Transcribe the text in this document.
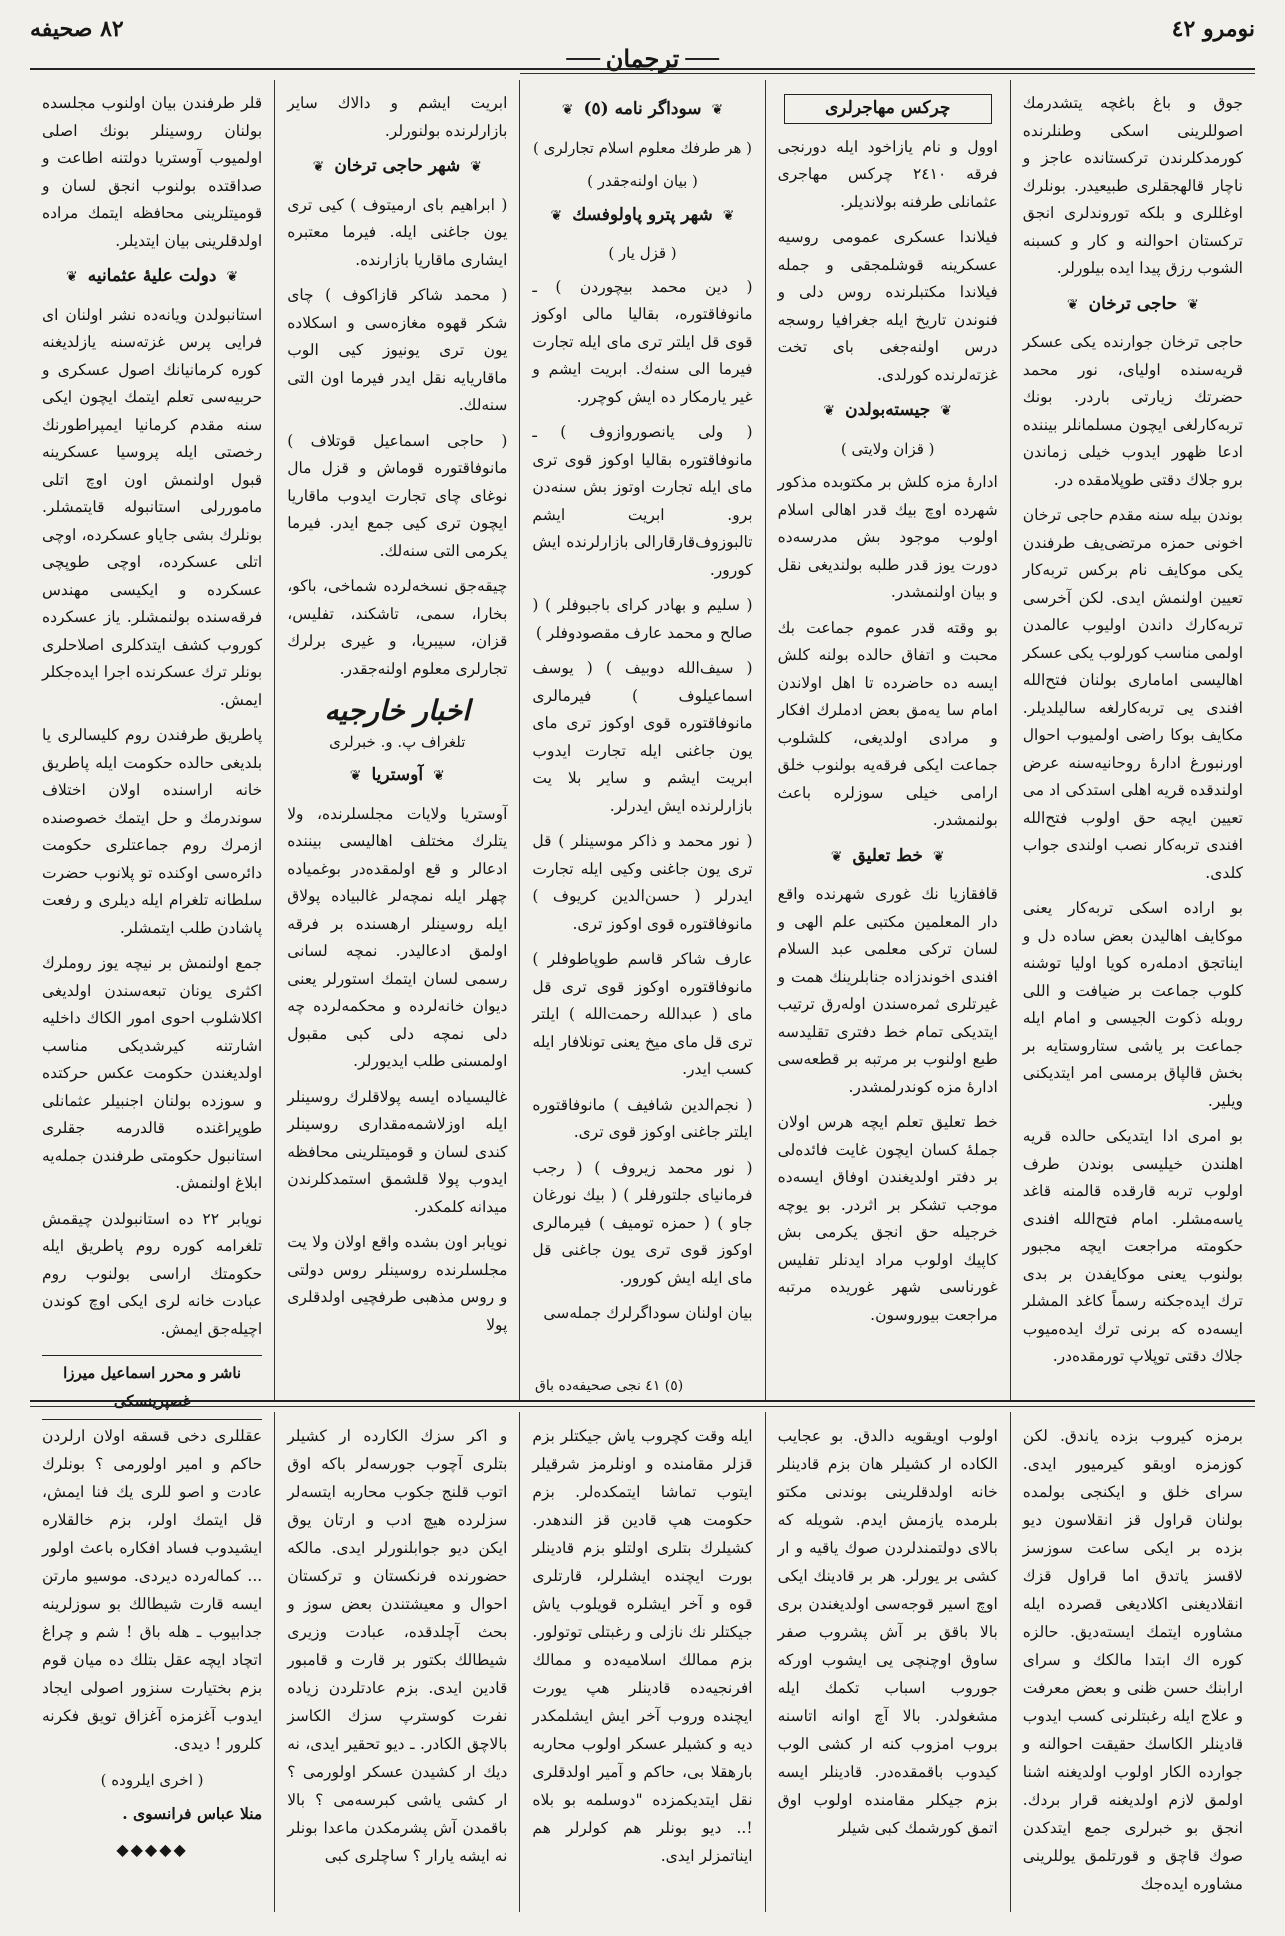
نومرو ٤٢
ترجمان
٨٢ صحيفه

جوق و باغ باغچه يتشدرمك اصوللرينى اسكى وطنلرنده كورمدكلرندن تركستانده عاجز و ناچار قالهجقلرى طبيعيدر. بونلرك اوغللرى و بلكه توروندلرى انجق تركستان احوالنه و كار و كسبنه الشوب رزق پيدا ايده بيلورلر.

❦ حاجى ترخان ❦

حاجى ترخان جوارنده يكى عسكر قريه‌سنده اولياى، نور محمد حضرتك زيارتى باردر. بونك تربه‌كارلغى ايچون مسلمانلر بيننده ادعا ظهور ايدوب خيلى زماندن برو جلاك دقتى طوپلامقده در.

بوندن بيله سنه مقدم حاجى ترخان اخونى حمزه مرتضى‌يف طرفندن يكى موكايف نام بركس تربه‌كار تعيين اولنمش ايدى. لكن آخرسى تربه‌كارك داندن اوليوب عالمدن اولمى مناسب كورلوب يكى عسكر اهاليسى امامارى بولنان فتح‌الله افندى يى تربه‌كارلغه ساليلديلر. مكايف بوكا راضى اولميوب احوال اورنبورغ ادارهٔ روحانيه‌سنه عرض اولندقده قريه اهلى استدكى اد مى تعيين ايچه حق اولوب فتح‌الله افندى تربه‌كار نصب اولندى جواب كلدى.

بو اراده اسكى تربه‌كار يعنى موكايف اهاليدن بعض ساده دل و ايناتجق ادمله‌ره كويا اوليا توشنه كلوب جماعت بر ضيافت و اللى روبله ذكوت الجيسى و امام ايله جماعت بر ياشى ستاروستايه بر بخش قالپاق برمسى امر ايتديكنى ويلير.

بو امرى ادا ايتديكى حالده قريه اهلندن خيليسى بوندن طرف اولوب تربه قارقده قالمنه قاغد ياسه‌مشلر. امام فتح‌الله افندى حكومته مراجعت ايچه مجبور بولنوب يعنى موكايفدن بر بدى ترك ايده‌جكنه رسماً كاغد المشلر ايسه‌ده كه برنى ترك ايده‌ميوب جلاك دقتى توپلاپ تورمقده‌در.

چركس مهاجرلرى

اوول و نام يازاخود ايله دورنجى فرقه ٢٤١٠ چركس مهاجرى عثمانلى طرفنه بولانديلر.

فيلاندا عسكرى عمومى روسيه عسكرينه قوشلمجقى و جمله فيلاندا مكتبلرنده روس دلى و فنوندن تاريخ ايله جغرافيا روسجه درس اولنه‌جغى باى تخت غزته‌لرنده كورلدى.

❦ جيسته‌بولدن ❦
( قزان ولايتى )

ادارهٔ مزه كلش بر مكتوبده مذكور شهرده اوچ بيك قدر اهالى اسلام اولوب موجود بش مدرسه‌ده دورت يوز قدر طلبه بولنديغى نقل و بيان اولنمشدر.

بو وقته قدر عموم جماعت بك محبت و اتفاق حالده بولنه كلش ايسه ده حاضرده تا اهل اولاندن امام سا يه‌مق بعض ادملرك افكار و مرادى اولديغى، كلشلوب جماعت ايكى فرقه‌يه بولنوب خلق ارامى خيلى سوزلره باعث بولنمشدر.

❦ خط تعليق ❦

قافقازيا نك غورى شهرنده واقع دار المعلمين مكتبى علم الهى و لسان تركى معلمى عبد السلام افندى اخوندزاده جنابلرينك همت و غيرتلرى ثمره‌سندن اوله‌رق ترتيب ايتديكى تمام خط دفترى تقليدسه طبع اولنوب بر مرتبه بر قطعه‌سى ادارهٔ مزه كوندرلمشدر.

خط تعليق تعلم ايچه هرس اولان جملهٔ كسان ايچون غايت فائده‌لى بر دفتر اولديغندن اوفاق ايسه‌ده موجب تشكر بر اثردر. بو يوچه خرجيله حق انجق يكرمى بش كاپيك اولوب مراد ايدنلر تفليس غورناسى شهر غوريده مرتبه مراجعت بيوروسون.

❦ سوداگر نامه (٥) ❦
( هر طرفك معلوم اسلام تجارلرى )
( بيان اولنه‌جقدر )
❦ شهر پترو پاولوفسك ❦
( قزل يار )

( دين محمد بيچوردن ) ـ مانوفاقتوره، بقاليا مالى اوكوز قوى قل ايلتر ترى ماى ايله تجارت فيرما الى سنه‌ك. ابريت ايشم و غير يارمكار ده ايش كوچرر.

( ولى يانصوروازوف ) ـ مانوفاقتوره بقاليا اوكوز قوى ترى ماى ايله تجارت اوتوز بش سنه‌دن برو. ابريت ايشم تالبوزوف‌قارقارالى بازارلرنده ايش كورور.

( سليم و بهادر كراى باجبوفلر ) ( صالح و محمد عارف مقصودوفلر )

( سيف‌الله دوبيف ) ( يوسف اسماعيلوف ) فيرمالرى مانوفاقتوره قوى اوكوز ترى ماى يون جاغنى ايله تجارت ايدوب ابريت ايشم و ساير بلا يت بازارلرنده ايش ايدرلر.

( نور محمد و ذاكر موسينلر ) قل ترى يون جاغنى وكيى ايله تجارت ايدرلر ( حسن‌الدين كريوف ) مانوفاقتوره قوى اوكوز ترى.

عارف شاكر قاسم طوپاطوفلر ) مانوفاقتوره اوكوز قوى ترى قل ماى ( عبدالله رحمت‌الله ) ايلتر ترى قل ماى ميخ يعنى تونلافار ايله كسب ايدر.

( نجم‌الدين شافيف ) مانوفاقتوره ايلتر جاغنى اوكوز قوى ترى.

( نور محمد زيروف ) ( رجب فرمانياى جلتورفلر ) ( بيك نورغان جاو ) ( حمزه توميف ) فيرمالرى اوكوز قوى ترى يون جاغنى قل ماى ايله ايش كورور.

بيان اولنان سوداگرلرك جمله‌سى

ابريت ايشم و دالاك ساير بازارلرنده بولنورلر.

❦ شهر حاجى ترخان ❦

( ابراهيم باى ارميتوف ) كيى ترى يون جاغنى ايله. فيرما معتبره ايشارى ماقاريا بازارنده.

( محمد شاكر قازاكوف ) چاى شكر قهوه مغازه‌سى و اسكلاده يون ترى يونيوز كيى الوب ماقاريايه نقل ايدر فيرما اون التى سنه‌لك.

( حاجى اسماعيل قوتلاف ) مانوفاقتوره قوماش و قزل مال نوغاى چاى تجارت ايدوب ماقاريا ايچون ترى كيى جمع ايدر. فيرما يكرمى التى سنه‌لك.

چيقه‌جق نسخه‌لرده شماخى، باكو، بخارا، سمى، تاشكند، تفليس، قزان، سيبريا، و غيرى برلرك تجارلرى معلوم اولنه‌جقدر.

اخبار خارجيه
تلغراف پ. و. خبرلرى
❦ آوستريا ❦

آوستريا ولايات مجلسلرنده، ولا يتلرك مختلف اهاليسى بيننده ادعالر و قع اولمقده‌در بوغمياده چهلر ايله نمچه‌لر غالبياده پولاق ايله روسينلر ارهسنده بر فرقه اولمق ادعاليدر. نمچه لسانى رسمى لسان ايتمك استورلر يعنى ديوان خانه‌لرده و محكمه‌لرده چه دلى نمچه دلى كبى مقبول اولمسنى طلب ايديورلر.

غاليسياده ايسه پولاقلرك روسينلر ايله اوزلاشمه‌مقدارى روسينلر كندى لسان و قوميتلرينى محافظه ايدوب پولا قلشمق استمدكلرندن ميدانه كلمكدر.

نويابر اون بشده واقع اولان ولا يت مجلسلرنده روسينلر روس دولتى و روس مذهبى طرفچيى اولدقلرى پولا

قلر طرفندن بيان اولنوب مجلسده بولنان روسينلر بونك اصلى اولميوب آوستريا دولتنه اطاعت و صداقتده بولنوب انجق لسان و قوميتلرينى محافظه ايتمك مراده اولدقلرينى بيان ايتديلر.

❦ دولت عليهٔ عثمانيه ❦

استانبولدن ويانه‌ده نشر اولنان اى فرايى پرس غزته‌سنه يازلديغنه كوره كرمانيانك اصول عسكرى و حربيه‌سى تعلم ايتمك ايچون ايكى سنه مقدم كرمانيا ايمپراطورنك رخصتى ايله پروسيا عسكرينه قبول اولنمش اون اوچ اتلى ماموررلى استانبوله قايتمشلر. بونلرك بشى جاياو عسكرده، اوچى اتلى عسكرده، اوچى طوپچى عسكرده و ايكيسى مهندس فرقه‌سنده بولنمشلر. ياز عسكرده كوروب كشف ايتدكلرى اصلاحلرى بونلر ترك عسكرنده اجرا ايده‌جكلر ايمش.

پاطريق طرفندن روم كليسالرى يا بلديغى حالده حكومت ايله پاطريق خانه اراسنده اولان اختلاف سوندرمك و حل ايتمك خصوصنده ازمرك روم جماعتلرى حكومت دائره‌سى اوكنده تو پلانوب حضرت سلطانه تلغرام ايله ديلرى و رفعت پاشادن طلب ايتمشلر.

جمع اولنمش بر نيچه يوز روملرك اكثرى يونان تبعه‌سندن اولديغى اكلاشلوب احوى امور الكاك داخليه اشارتنه كيرشديكى مناسب اولديغندن حكومت عكس حركتده و سوزده بولنان اجنبيلر عثمانلى طوپراغنده قالدرمه جقلرى استانبول حكومتى طرفندن جمله‌يه ابلاغ اولنمش.

نويابر ٢٢ ده استانبولدن چيقمش تلغرامه كوره روم پاطريق ايله حكومتك اراسى بولنوب روم عبادت خانه لرى ايكى اوچ كوندن اچيله‌جق ايمش.

ناشر و محرر اسماعيل ميرزا غصپرينسكى
(٥) ٤١ نجى صحيفه‌ده باق

برمزه كيروب بزده ياندق. لكن كوزمزه اوبقو كيرميور ايدى. سراى خلق و ايكنجى بولمده بولنان قراول قز انقلاسون ديو بزده بر ايكى ساعت سوزسز لاقسز ياتدق اما قراول قزك انقلاديغنى اكلاديغى قصرده ايله مشاوره ايتمك ايسته‌ديق. حالزه كوره اك ابتدا مالكك و سراى ارابنك حسن ظنى و بعض معرفت و علاج ايله رغبتلرنى كسب ايدوب قادينلر الكاسك حقيقت احوالنه و جوارده الكار اولوب اولديغنه اشنا اولمق لازم اولديغنه قرار بردك. انجق بو خبرلرى جمع ايتدكدن صوك قاچق و قورتلمق يوللرينى مشاوره ايده‌جك

اولوب اويقويه دالدق. بو عجايب الكاده ار كشيلر هان بزم قادينلر خانه اولدقلرينى بوندنى مكتو بلرمده يازمش ايدم. شويله كه بالاى دولتمندلردن صوك ياقيه و ار كشى بر يورلر. هر بر قادينك ايكى اوچ اسير قوجه‌سى اولديغندن برى بالا باقق بر آش پشروب صفر ساوق اوچنچى يى ايشوب اوركه جوروب اسباب تكمك ايله مشغولدر. بالا آچ اوانه اتاسنه بروب امزوب كنه ار كشى الوب كيدوب باقمقده‌در. قادينلر ايسه بزم جيكلر مقامنده اولوب اوق اتمق كورشمك كبى شيلر

ايله وقت كچروب ياش جيكتلر بزم قزلر مقامنده و اونلرمز شرقيلر ايتوب تماشا ايتمكده‌لر. بزم حكومت هپ قادين قز الندهدر. كشيلرك بتلرى اولتلو بزم قادينلر بورت ايچنده ايشلرلر، قارتلرى قوه و آخر ايشلره قويلوب ياش جيكتلر نك نازلى و رغبتلى توتولور. بزم ممالك اسلاميه‌ده و ممالك افرنجيه‌ده قادينلر هپ يورت ايچنده وروب آخر ايش ايشلمكدر ديه و كشيلر عسكر اولوب محاربه بارهقلا بى، حاكم و آمير اولدقلرى نقل ايتديكمزده "دوسلمه بو بلاه !.. ديو بونلر هم كولرلر هم ايناتمزلر ايدى.

و اكر سزك الكارده ار كشيلر بتلرى آچوب جورسه‌لر باكه اوق اتوب قلنج جكوب محاربه ايتسه‌لر سزلرده هيچ ادب و ارتان يوق ايكن ديو جوابلنورلر ايدى. مالكه حضورنده فرنكستان و تركستان احوال و معيشتندن بعض سوز و بحث آچلدقده، عبادت وزيرى شيطالك بكتور بر قارت و قامبور قادين ايدى. بزم عادتلردن زياده نفرت كوسترپ سزك الكاسز بالاچق الكادر. ـ ديو تحقير ايدى، نه ديك ار كشيدن عسكر اولورمى ؟ ار كشى ياشى كبرسه‌مى ؟ بالا باقمدن آش پشرمكدن ماعدا بونلر نه ايشه يارار ؟ ساچلرى كبى

عقللرى دخى قسقه اولان ارلردن حاكم و امير اولورمى ؟ بونلرك عادت و اصو للرى يك فنا ايمش، قل ايتمك اولر، بزم خالقلاره ايشيدوب فساد افكاره باعث اولور ... كماله‌رده ديردى. موسيو مارتن ايسه قارت شيطالك بو سوزلرينه جدابيوب ـ هله باق ! شم و چراغ اتچاد ايچه عقل بتلك ده ميان قوم بزم بختيارت سنزور اصولى ايجاد ايدوب آغزمزه آغزاق تويق فكرنه كلرور ! ديدى.

( اخرى ايلروده )
منلا عباس فرانسوى .
◆◆◆◆◆
